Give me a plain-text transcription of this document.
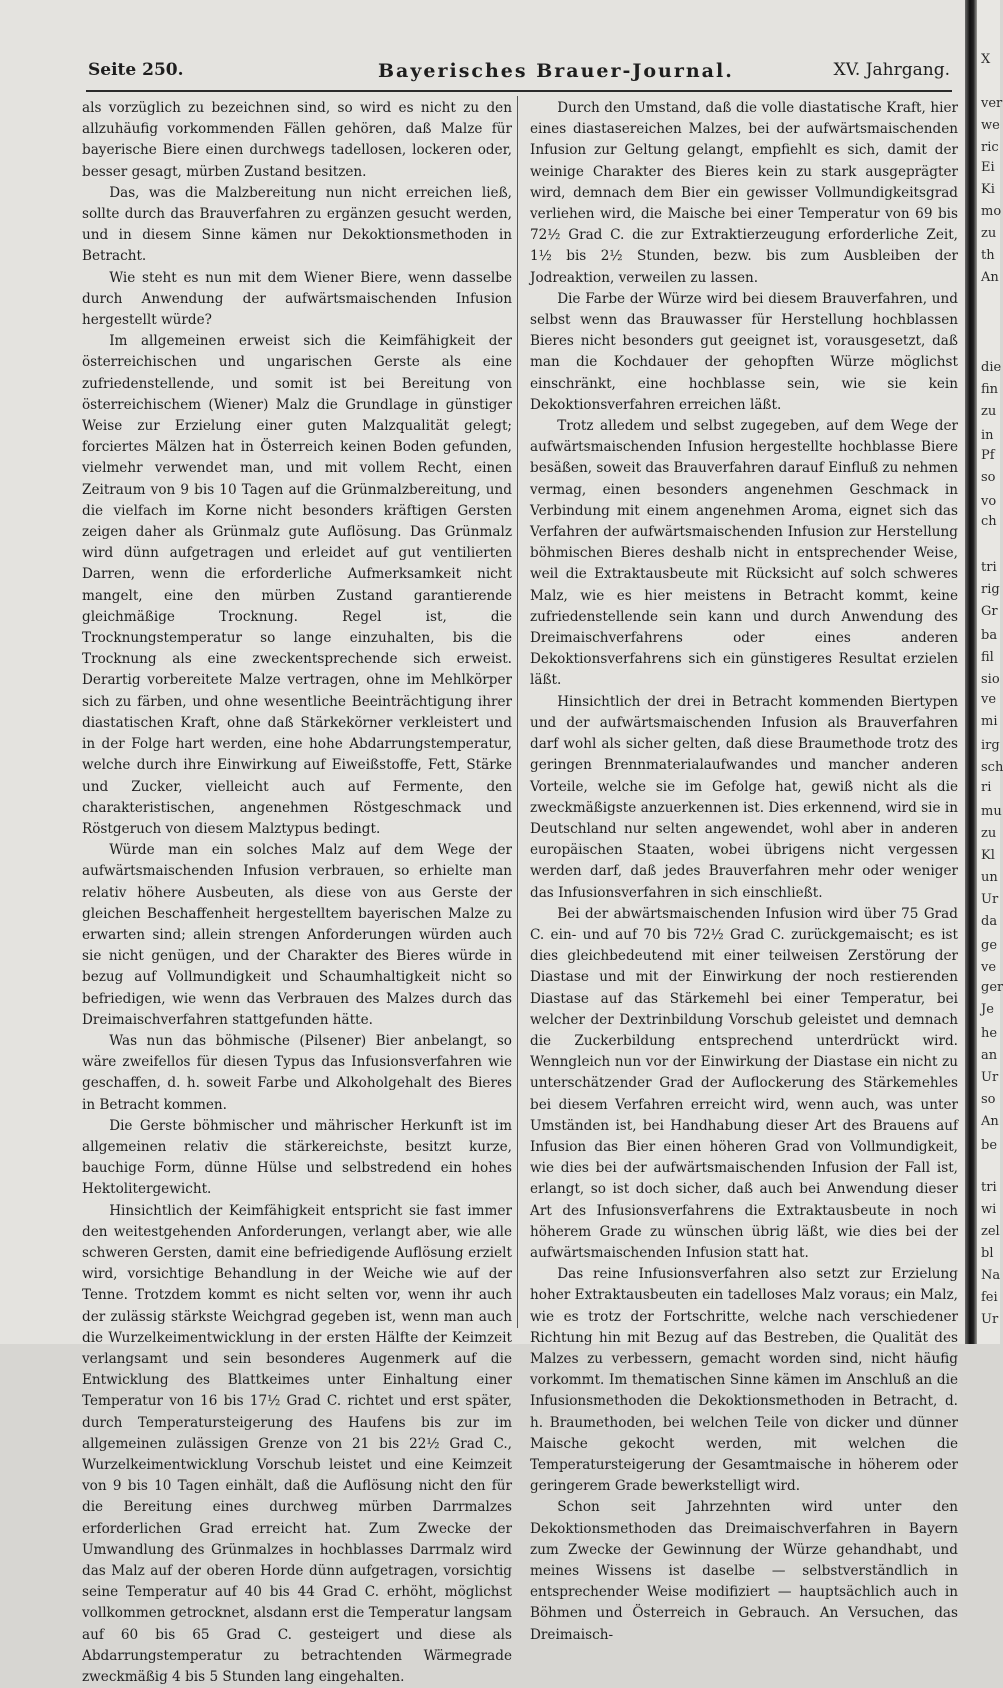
Seite 250.	Bayerisches Brauer-Journal.	XV. Jahrgang.

als vorzüglich zu bezeichnen sind, so wird es nicht zu den allzuhäufig vorkommenden Fällen gehören, daß Malze für bayerische Biere einen durchwegs tadellosen, lockeren oder, besser gesagt, mürben Zustand besitzen.

Das, was die Malzbereitung nun nicht erreichen ließ, sollte durch das Brauverfahren zu ergänzen gesucht werden, und in diesem Sinne kämen nur Dekoktionsmethoden in Betracht.

Wie steht es nun mit dem Wiener Biere, wenn dasselbe durch Anwendung der aufwärtsmaischenden Infusion hergestellt würde?

Im allgemeinen erweist sich die Keimfähigkeit der österreichischen und ungarischen Gerste als eine zufriedenstellende, und somit ist bei Bereitung von österreichischem (Wiener) Malz die Grundlage in günstiger Weise zur Erzielung einer guten Malzqualität gelegt; forciertes Mälzen hat in Österreich keinen Boden gefunden, vielmehr verwendet man, und mit vollem Recht, einen Zeitraum von 9 bis 10 Tagen auf die Grünmalzbereitung, und die vielfach im Korne nicht besonders kräftigen Gersten zeigen daher als Grünmalz gute Auflösung. Das Grünmalz wird dünn aufgetragen und erleidet auf gut ventilierten Darren, wenn die erforderliche Aufmerksamkeit nicht mangelt, eine den mürben Zustand garantierende gleichmäßige Trocknung. Regel ist, die Trocknungstemperatur so lange einzuhalten, bis die Trocknung als eine zweckentsprechende sich erweist. Derartig vorbereitete Malze vertragen, ohne im Mehlkörper sich zu färben, und ohne wesentliche Beeinträchtigung ihrer diastatischen Kraft, ohne daß Stärkekörner verkleistert und in der Folge hart werden, eine hohe Abdarrungstemperatur, welche durch ihre Einwirkung auf Eiweißstoffe, Fett, Stärke und Zucker, vielleicht auch auf Fermente, den charakteristischen, angenehmen Röstgeschmack und Röstgeruch von diesem Malztypus bedingt.

Würde man ein solches Malz auf dem Wege der aufwärtsmaischenden Infusion verbrauen, so erhielte man relativ höhere Ausbeuten, als diese von aus Gerste der gleichen Beschaffenheit hergestelltem bayerischen Malze zu erwarten sind; allein strengen Anforderungen würden auch sie nicht genügen, und der Charakter des Bieres würde in bezug auf Vollmundigkeit und Schaumhaltigkeit nicht so befriedigen, wie wenn das Verbrauen des Malzes durch das Dreimaischverfahren stattgefunden hätte.

Was nun das böhmische (Pilsener) Bier anbelangt, so wäre zweifellos für diesen Typus das Infusionsverfahren wie geschaffen, d. h. soweit Farbe und Alkoholgehalt des Bieres in Betracht kommen.

Die Gerste böhmischer und mährischer Herkunft ist im allgemeinen relativ die stärkereichste, besitzt kurze, bauchige Form, dünne Hülse und selbstredend ein hohes Hektolitergewicht.

Hinsichtlich der Keimfähigkeit entspricht sie fast immer den weitestgehenden Anforderungen, verlangt aber, wie alle schweren Gersten, damit eine befriedigende Auflösung erzielt wird, vorsichtige Behandlung in der Weiche wie auf der Tenne. Trotzdem kommt es nicht selten vor, wenn ihr auch der zulässig stärkste Weichgrad gegeben ist, wenn man auch die Wurzelkeimentwicklung in der ersten Hälfte der Keimzeit verlangsamt und sein besonderes Augenmerk auf die Entwicklung des Blattkeimes unter Einhaltung einer Temperatur von 16 bis 17½ Grad C. richtet und erst später, durch Temperatursteigerung des Haufens bis zur im allgemeinen zulässigen Grenze von 21 bis 22½ Grad C., Wurzelkeimentwicklung Vorschub leistet und eine Keimzeit von 9 bis 10 Tagen einhält, daß die Auflösung nicht den für die Bereitung eines durchweg mürben Darrmalzes erforderlichen Grad erreicht hat. Zum Zwecke der Umwandlung des Grünmalzes in hochblasses Darrmalz wird das Malz auf der oberen Horde dünn aufgetragen, vorsichtig seine Temperatur auf 40 bis 44 Grad C. erhöht, möglichst vollkommen getrocknet, alsdann erst die Temperatur langsam auf 60 bis 65 Grad C. gesteigert und diese als Abdarrungstemperatur zu betrachtenden Wärmegrade zweckmäßig 4 bis 5 Stunden lang eingehalten.

Durch den Umstand, daß die volle diastatische Kraft, hier eines diastasereichen Malzes, bei der aufwärtsmaischenden Infusion zur Geltung gelangt, empfiehlt es sich, damit der weinige Charakter des Bieres kein zu stark ausgeprägter wird, demnach dem Bier ein gewisser Vollmundigkeitsgrad verliehen wird, die Maische bei einer Temperatur von 69 bis 72½ Grad C. die zur Extraktierzeugung erforderliche Zeit, 1½ bis 2½ Stunden, bezw. bis zum Ausbleiben der Jodreaktion, verweilen zu lassen.

Die Farbe der Würze wird bei diesem Brauverfahren, und selbst wenn das Brauwasser für Herstellung hochblassen Bieres nicht besonders gut geeignet ist, vorausgesetzt, daß man die Kochdauer der gehopften Würze möglichst einschränkt, eine hochblasse sein, wie sie kein Dekoktionsverfahren erreichen läßt.

Trotz alledem und selbst zugegeben, auf dem Wege der aufwärtsmaischenden Infusion hergestellte hochblasse Biere besäßen, soweit das Brauverfahren darauf Einfluß zu nehmen vermag, einen besonders angenehmen Geschmack in Verbindung mit einem angenehmen Aroma, eignet sich das Verfahren der aufwärtsmaischenden Infusion zur Herstellung böhmischen Bieres deshalb nicht in entsprechender Weise, weil die Extraktausbeute mit Rücksicht auf solch schweres Malz, wie es hier meistens in Betracht kommt, keine zufriedenstellende sein kann und durch Anwendung des Dreimaischverfahrens oder eines anderen Dekoktionsverfahrens sich ein günstigeres Resultat erzielen läßt.

Hinsichtlich der drei in Betracht kommenden Biertypen und der aufwärtsmaischenden Infusion als Brauverfahren darf wohl als sicher gelten, daß diese Braumethode trotz des geringen Brennmaterialaufwandes und mancher anderen Vorteile, welche sie im Gefolge hat, gewiß nicht als die zweckmäßigste anzuerkennen ist. Dies erkennend, wird sie in Deutschland nur selten angewendet, wohl aber in anderen europäischen Staaten, wobei übrigens nicht vergessen werden darf, daß jedes Brauverfahren mehr oder weniger das Infusionsverfahren in sich einschließt.

Bei der abwärtsmaischenden Infusion wird über 75 Grad C. ein- und auf 70 bis 72½ Grad C. zurückgemaischt; es ist dies gleichbedeutend mit einer teilweisen Zerstörung der Diastase und mit der Einwirkung der noch restierenden Diastase auf das Stärkemehl bei einer Temperatur, bei welcher der Dextrinbildung Vorschub geleistet und demnach die Zuckerbildung entsprechend unterdrückt wird. Wenngleich nun vor der Einwirkung der Diastase ein nicht zu unterschätzender Grad der Auflockerung des Stärkemehles bei diesem Verfahren erreicht wird, wenn auch, was unter Umständen ist, bei Handhabung dieser Art des Brauens auf Infusion das Bier einen höheren Grad von Vollmundigkeit, wie dies bei der aufwärtsmaischenden Infusion der Fall ist, erlangt, so ist doch sicher, daß auch bei Anwendung dieser Art des Infusionsverfahrens die Extraktausbeute in noch höherem Grade zu wünschen übrig läßt, wie dies bei der aufwärtsmaischenden Infusion statt hat.

Das reine Infusionsverfahren also setzt zur Erzielung hoher Extraktausbeuten ein tadelloses Malz voraus; ein Malz, wie es trotz der Fortschritte, welche nach verschiedener Richtung hin mit Bezug auf das Bestreben, die Qualität des Malzes zu verbessern, gemacht worden sind, nicht häufig vorkommt. Im thematischen Sinne kämen im Anschluß an die Infusionsmethoden die Dekoktionsmethoden in Betracht, d. h. Braumethoden, bei welchen Teile von dicker und dünner Maische gekocht werden, mit welchen die Temperatursteigerung der Gesamtmaische in höherem oder geringerem Grade bewerkstelligt wird.

Schon seit Jahrzehnten wird unter den Dekoktionsmethoden das Dreimaischverfahren in Bayern zum Zwecke der Gewinnung der Würze gehandhabt, und meines Wissens ist daselbe — selbstverständlich in entsprechender Weise modifiziert — hauptsächlich auch in Böhmen und Österreich in Gebrauch. An Versuchen, das Dreimaisch-

X
ver
we
ric
Ei
Ki
mo
zu
th
An
die
fin
zu
in
Pf
so
vo
ch
tri
rig
Gr
ba
fil
sio
ve
mi
irg
sch
ri
mu
zu
Kl
un
Ur
da
ge
ve
ger
Je
he
an
Ur
so
An
be
tri
wi
zel
bl
Na
fei
Ur
